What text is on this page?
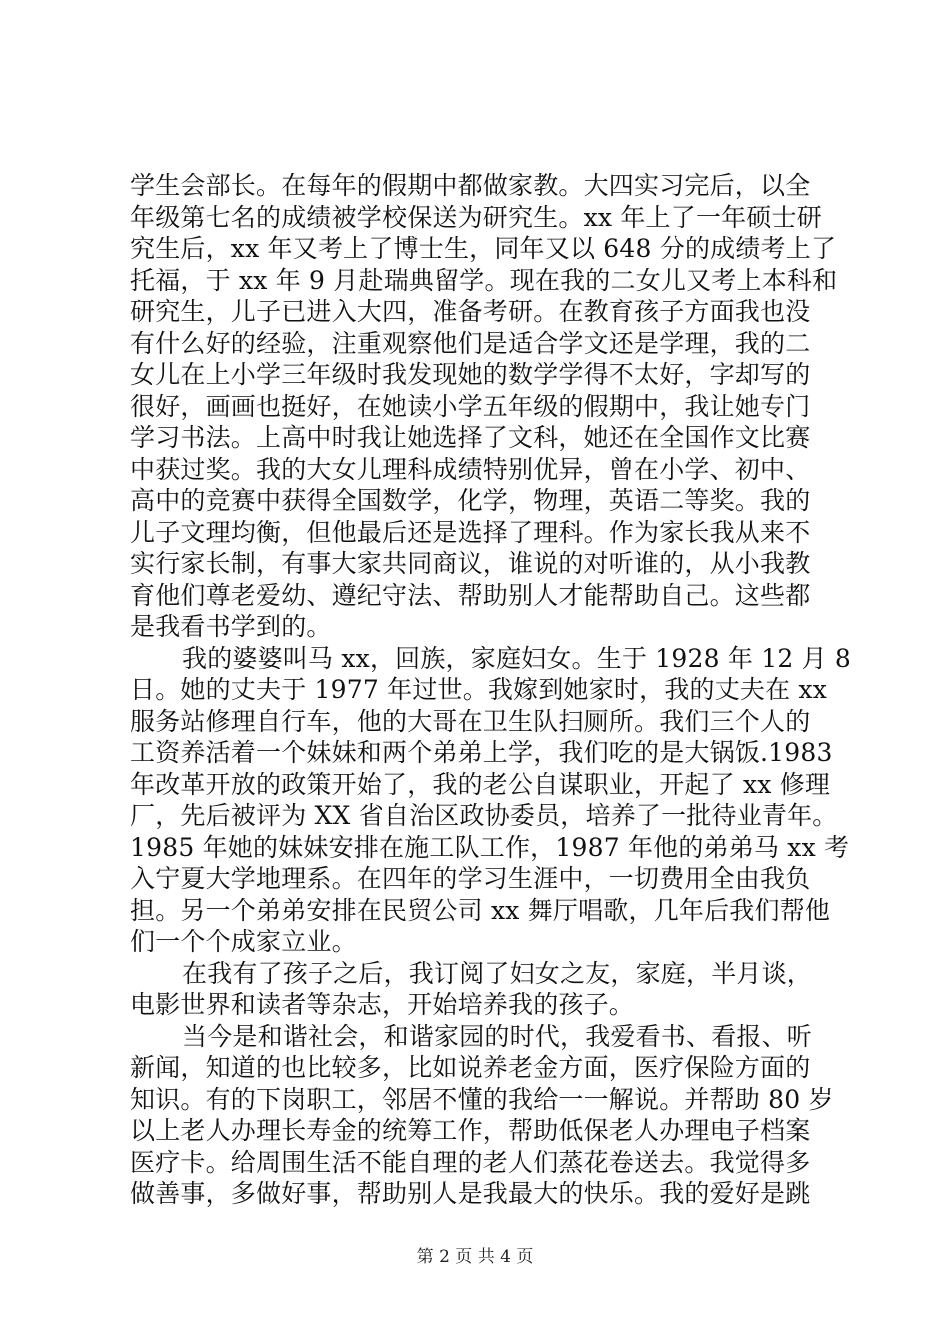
学生会部长。在每年的假期中都做家教。大四实习完后，以全
年级第七名的成绩被学校保送为研究生。xx 年上了一年硕士研
究生后，xx 年又考上了博士生，同年又以 648 分的成绩考上了
托福，于 xx 年 9 月赴瑞典留学。现在我的二女儿又考上本科和
研究生，儿子已进入大四，准备考研。在教育孩子方面我也没
有什么好的经验，注重观察他们是适合学文还是学理，我的二
女儿在上小学三年级时我发现她的数学学得不太好，字却写的
很好，画画也挺好，在她读小学五年级的假期中，我让她专门
学习书法。上高中时我让她选择了文科，她还在全国作文比赛
中获过奖。我的大女儿理科成绩特别优异，曾在小学、初中、
高中的竞赛中获得全国数学，化学，物理，英语二等奖。我的
儿子文理均衡，但他最后还是选择了理科。作为家长我从来不
实行家长制，有事大家共同商议，谁说的对听谁的，从小我教
育他们尊老爱幼、遵纪守法、帮助别人才能帮助自己。这些都
是我看书学到的。
我的婆婆叫马 xx，回族，家庭妇女。生于 1928 年 12 月 8
日。她的丈夫于 1977 年过世。我嫁到她家时，我的丈夫在 xx
服务站修理自行车，他的大哥在卫生队扫厕所。我们三个人的
工资养活着一个妹妹和两个弟弟上学，我们吃的是大锅饭.1983
年改革开放的政策开始了，我的老公自谋职业，开起了 xx 修理
厂，先后被评为 XX 省自治区政协委员，培养了一批待业青年。
1985 年她的妹妹安排在施工队工作，1987 年他的弟弟马 xx 考
入宁夏大学地理系。在四年的学习生涯中，一切费用全由我负
担。另一个弟弟安排在民贸公司 xx 舞厅唱歌，几年后我们帮他
们一个个成家立业。
在我有了孩子之后，我订阅了妇女之友，家庭，半月谈，
电影世界和读者等杂志，开始培养我的孩子。
当今是和谐社会，和谐家园的时代，我爱看书、看报、听
新闻，知道的也比较多，比如说养老金方面，医疗保险方面的
知识。有的下岗职工，邻居不懂的我给一一解说。并帮助 80 岁
以上老人办理长寿金的统筹工作，帮助低保老人办理电子档案
医疗卡。给周围生活不能自理的老人们蒸花卷送去。我觉得多
做善事，多做好事，帮助别人是我最大的快乐。我的爱好是跳
第 2 页 共 4 页
